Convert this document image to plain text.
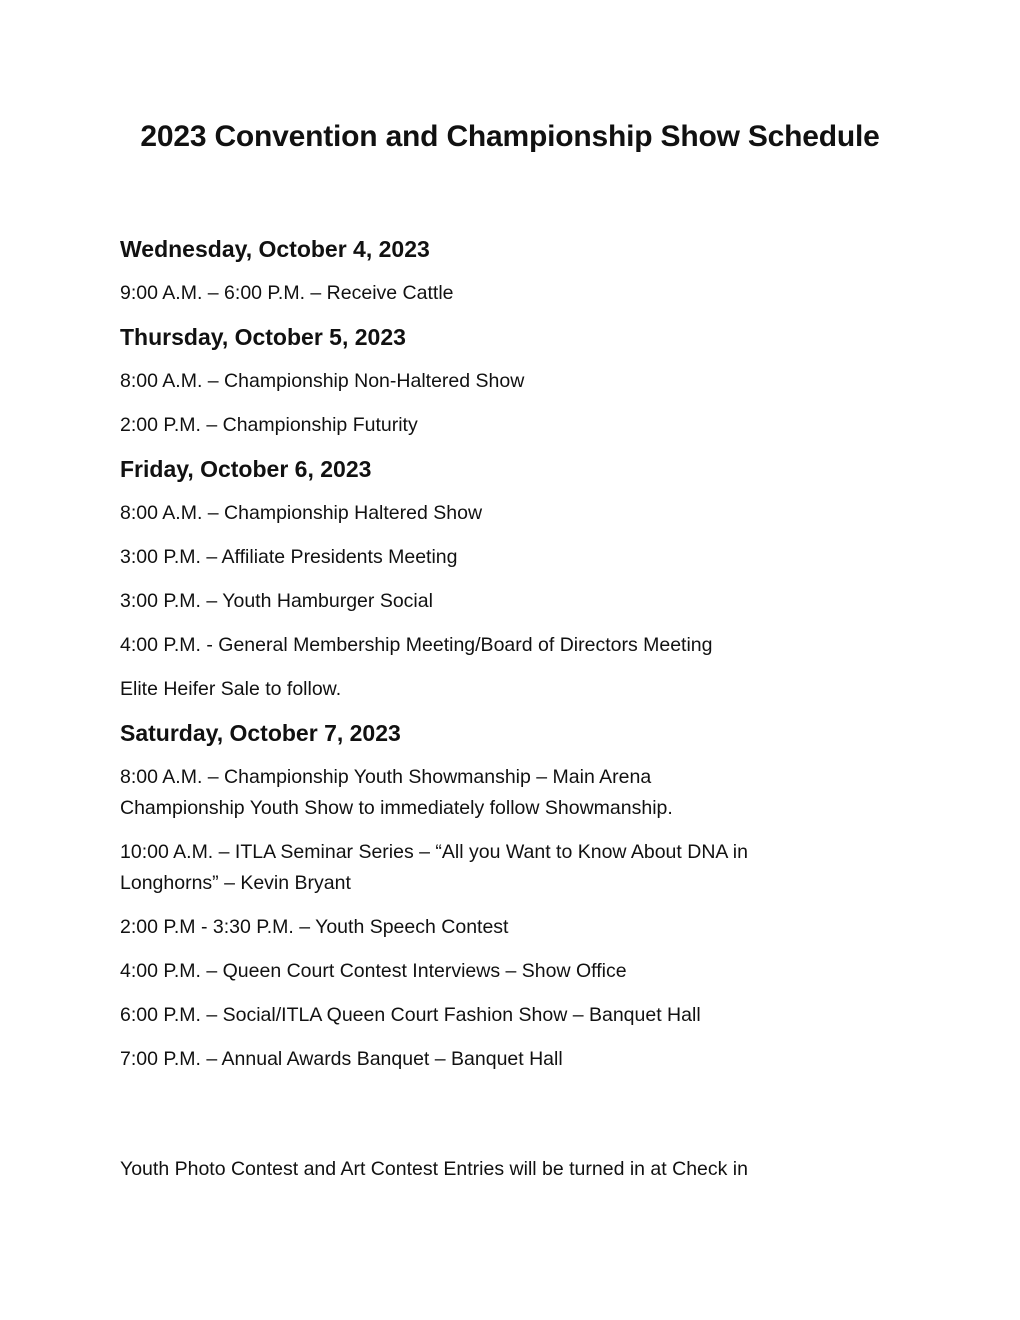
2023 Convention and Championship Show Schedule
Wednesday, October 4, 2023
9:00 A.M. – 6:00 P.M. – Receive Cattle
Thursday, October 5, 2023
8:00 A.M. – Championship Non-Haltered Show
2:00 P.M. – Championship Futurity
Friday, October 6, 2023
8:00 A.M. – Championship Haltered Show
3:00 P.M. – Affiliate Presidents Meeting
3:00 P.M. – Youth Hamburger Social
4:00 P.M. - General Membership Meeting/Board of Directors Meeting
Elite Heifer Sale to follow.
Saturday, October 7, 2023
8:00 A.M. – Championship Youth Showmanship – Main Arena
Championship Youth Show to immediately follow Showmanship.
10:00 A.M. – ITLA Seminar Series – “All you Want to Know About DNA in
Longhorns” – Kevin Bryant
2:00 P.M - 3:30 P.M. – Youth Speech Contest
4:00 P.M. – Queen Court Contest Interviews – Show Office
6:00 P.M. – Social/ITLA Queen Court Fashion Show – Banquet Hall
7:00 P.M. – Annual Awards Banquet – Banquet Hall
Youth Photo Contest and Art Contest Entries will be turned in at Check in
